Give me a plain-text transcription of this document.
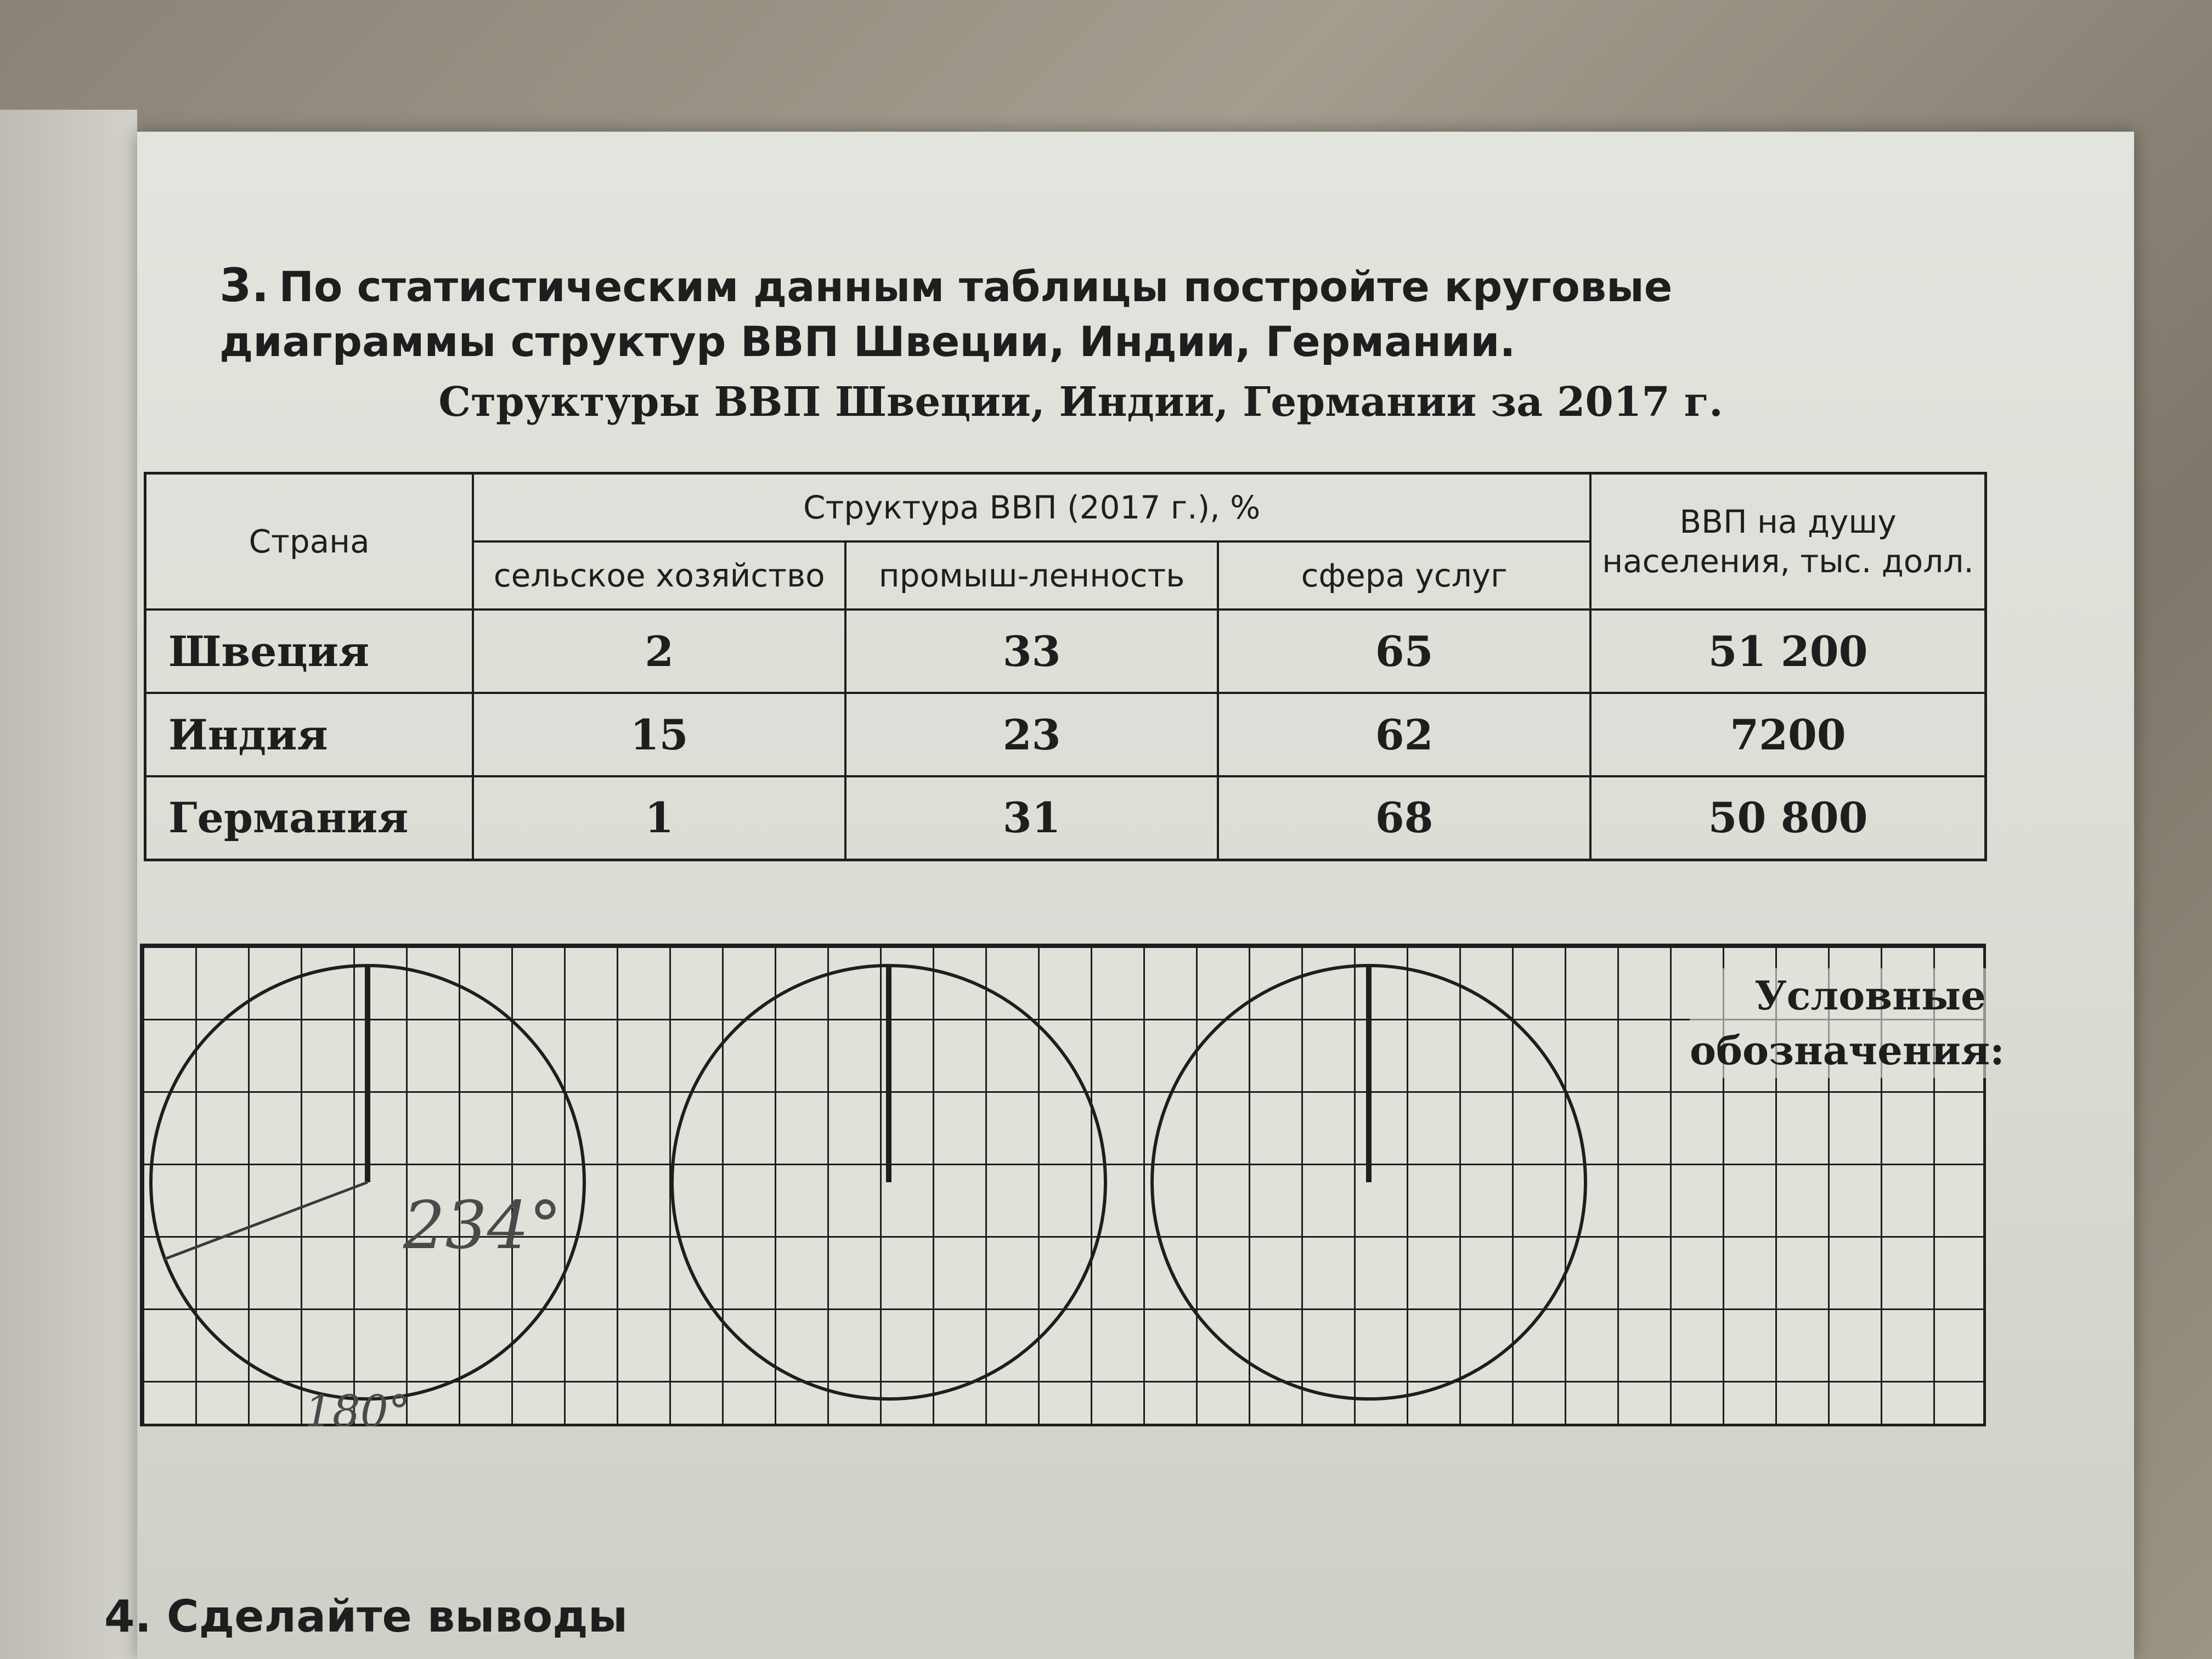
3. По статистическим данным таблицы постройте круговые диаграммы структур ВВП Швеции, Индии, Германии.
Структуры ВВП Швеции, Индии, Германии за 2017 г.
Страна	Структура ВВП (2017 г.), %			ВВП на душу населения, тыс. долл.
	сельское хозяйство	промыш-ленность	сфера услуг	
Швеция	2	33	65	51 200
Индия	15	23	62	7200
Германия	1	31	68	50 800
234°
180°
Условные обозначения:
4. Сделайте выводы
